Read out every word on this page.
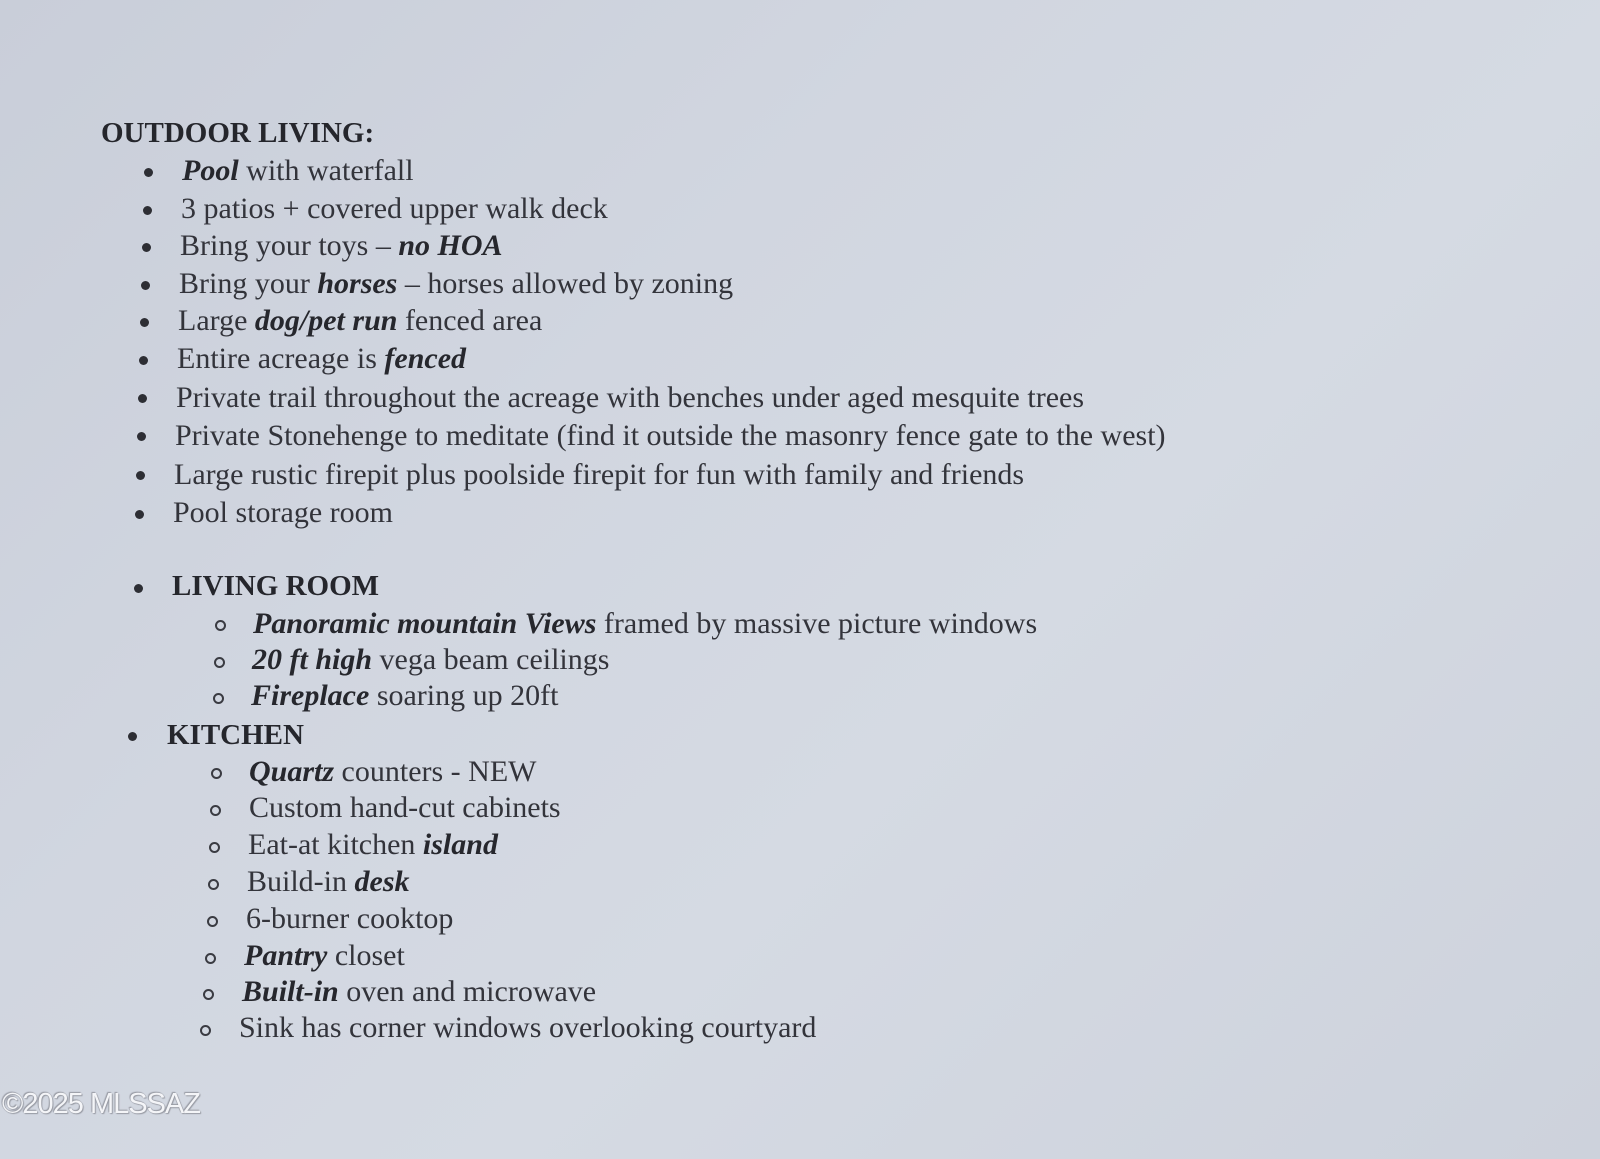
OUTDOOR LIVING:
Pool with waterfall
3 patios + covered upper walk deck
Bring your toys – no HOA
Bring your horses – horses allowed by zoning
Large dog/pet run fenced area
Entire acreage is fenced
Private trail throughout the acreage with benches under aged mesquite trees
Private Stonehenge to meditate (find it outside the masonry fence gate to the west)
Large rustic firepit plus poolside firepit for fun with family and friends
Pool storage room
LIVING ROOM
Panoramic mountain Views framed by massive picture windows
20 ft high vega beam ceilings
Fireplace soaring up 20ft
KITCHEN
Quartz counters - NEW
Custom hand-cut cabinets
Eat-at kitchen island
Build-in desk
6-burner cooktop
Pantry closet
Built-in oven and microwave
Sink has corner windows overlooking courtyard
©2025 MLSSAZ
